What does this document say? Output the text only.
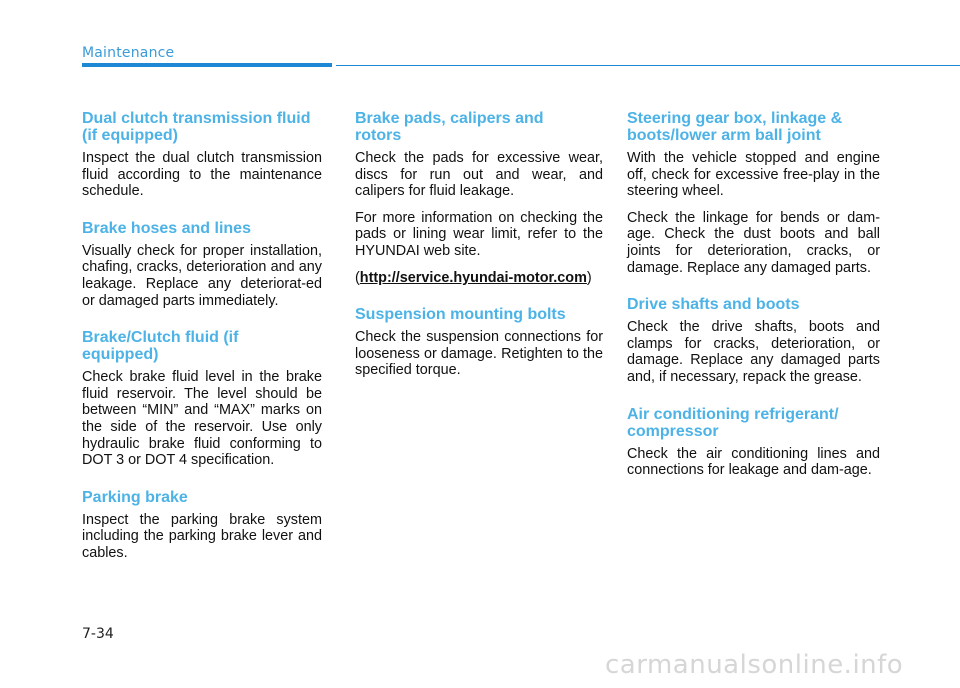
Maintenance
Dual clutch transmission fluid (if equipped)

Inspect the dual clutch transmission fluid according to the maintenance schedule.

Brake hoses and lines

Visually check for proper installation, chafing, cracks, deterioration and any leakage. Replace any deteriorat-ed or damaged parts immediately.

Brake/Clutch fluid (if equipped)

Check brake fluid level in the brake fluid reservoir. The level should be between “MIN” and “MAX” marks on the side of the reservoir. Use only hydraulic brake fluid conforming to DOT 3 or DOT 4 specification.

Parking brake

Inspect the parking brake system including the parking brake lever and cables.

Brake pads, calipers and rotors

Check the pads for excessive wear, discs for run out and wear, and calipers for fluid leakage.

For more information on checking the pads or lining wear limit, refer to the HYUNDAI web site.

(http://service.hyundai-motor.com)

Suspension mounting bolts

Check the suspension connections for looseness or damage. Retighten to the specified torque.

Steering gear box, linkage & boots/lower arm ball joint

With the vehicle stopped and engine off, check for excessive free-play in the steering wheel.

Check the linkage for bends or dam-age. Check the dust boots and ball joints for deterioration, cracks, or damage. Replace any damaged parts.

Drive shafts and boots

Check the drive shafts, boots and clamps for cracks, deterioration, or damage. Replace any damaged parts and, if necessary, repack the grease.

Air conditioning refrigerant/ compressor

Check the air conditioning lines and connections for leakage and dam-age.

7-34
carmanualsonline.info
